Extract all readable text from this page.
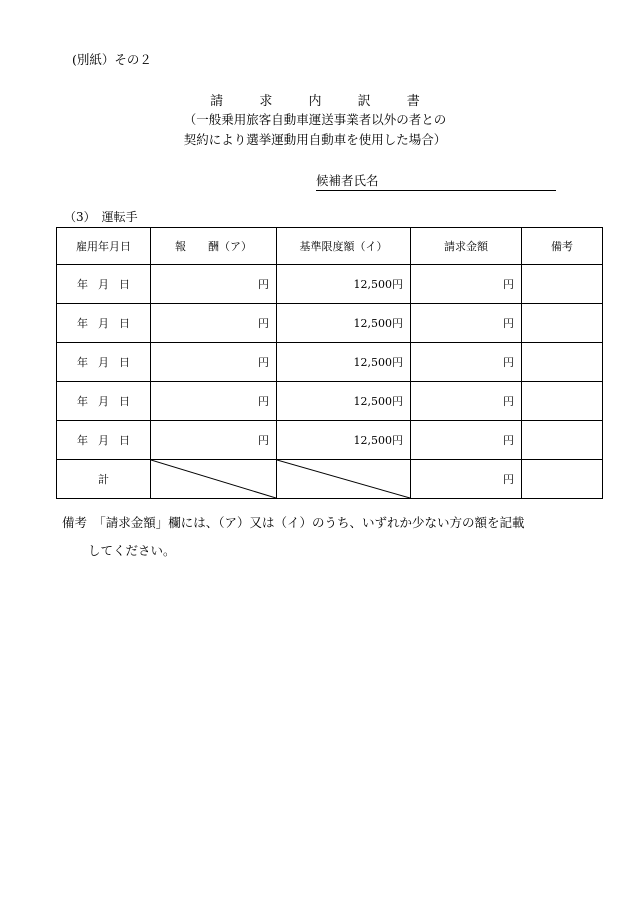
(別紙）その２
請	求	内	訳	書
（一般乗用旅客自動車運送事業者以外の者との
契約により選挙運動用自動車を使用した場合）
候補者氏名
（3）　運転手
雇用年月日	報　　酬（ア）	基準限度額（イ）	請求金額	備考
年 月 日	円	12,500円	円	
年 月 日	円	12,500円	円	
年 月 日	円	12,500円	円	
年 月 日	円	12,500円	円	
年 月 日	円	12,500円	円	
計			円	
備考　「請求金額」欄には、（ア）又は（イ）のうち、いずれか少ない方の額を記載
してください。
